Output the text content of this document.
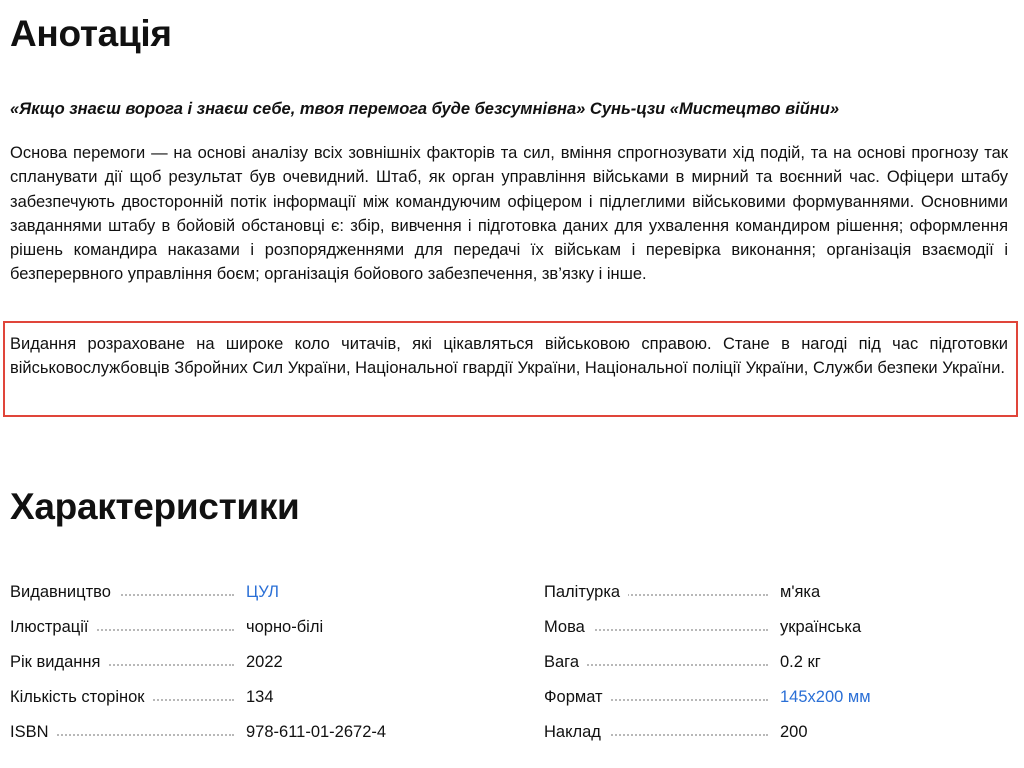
Анотація

«Якщо знаєш ворога і знаєш себе, твоя перемога буде безсумнівна» Сунь-цзи «Мистецтво війни»

Основа перемоги — на основі аналізу всіх зовнішніх факторів та сил, вміння спрогнозувати хід подій, та на основі прогнозу так спланувати дії щоб результат був очевидний. Штаб, як орган управління військами в мирний та воєнний час. Офіцери штабу забезпечують двосторонній потік інформації між командуючим офіцером і підлеглими військовими формуваннями. Основними завданнями штабу в бойовій обстановці є: збір, вивчення і підготовка даних для ухвалення командиром рішення; оформлення рішень командира наказами і розпорядженнями для передачі їх військам і перевірка виконання; організація взаємодії і безперервного управління боєм; організація бойового забезпечення, зв’язку і інше.

Видання розраховане на широке коло читачів, які цікавляться військовою справою. Стане в нагоді під час підготовки військовослужбовців Збройних Сил України, Національної гвардії України, Національної поліції України, Служби безпеки України.

Характеристики
Видавництво	ЦУЛ
Ілюстрації	чорно-білі
Рік видання	2022
Кількість сторінок	134
ISBN	978-611-01-2672-4
Палітурка	м'яка
Мова	українська
Вага	0.2 кг
Формат	145x200 мм
Наклад	200
